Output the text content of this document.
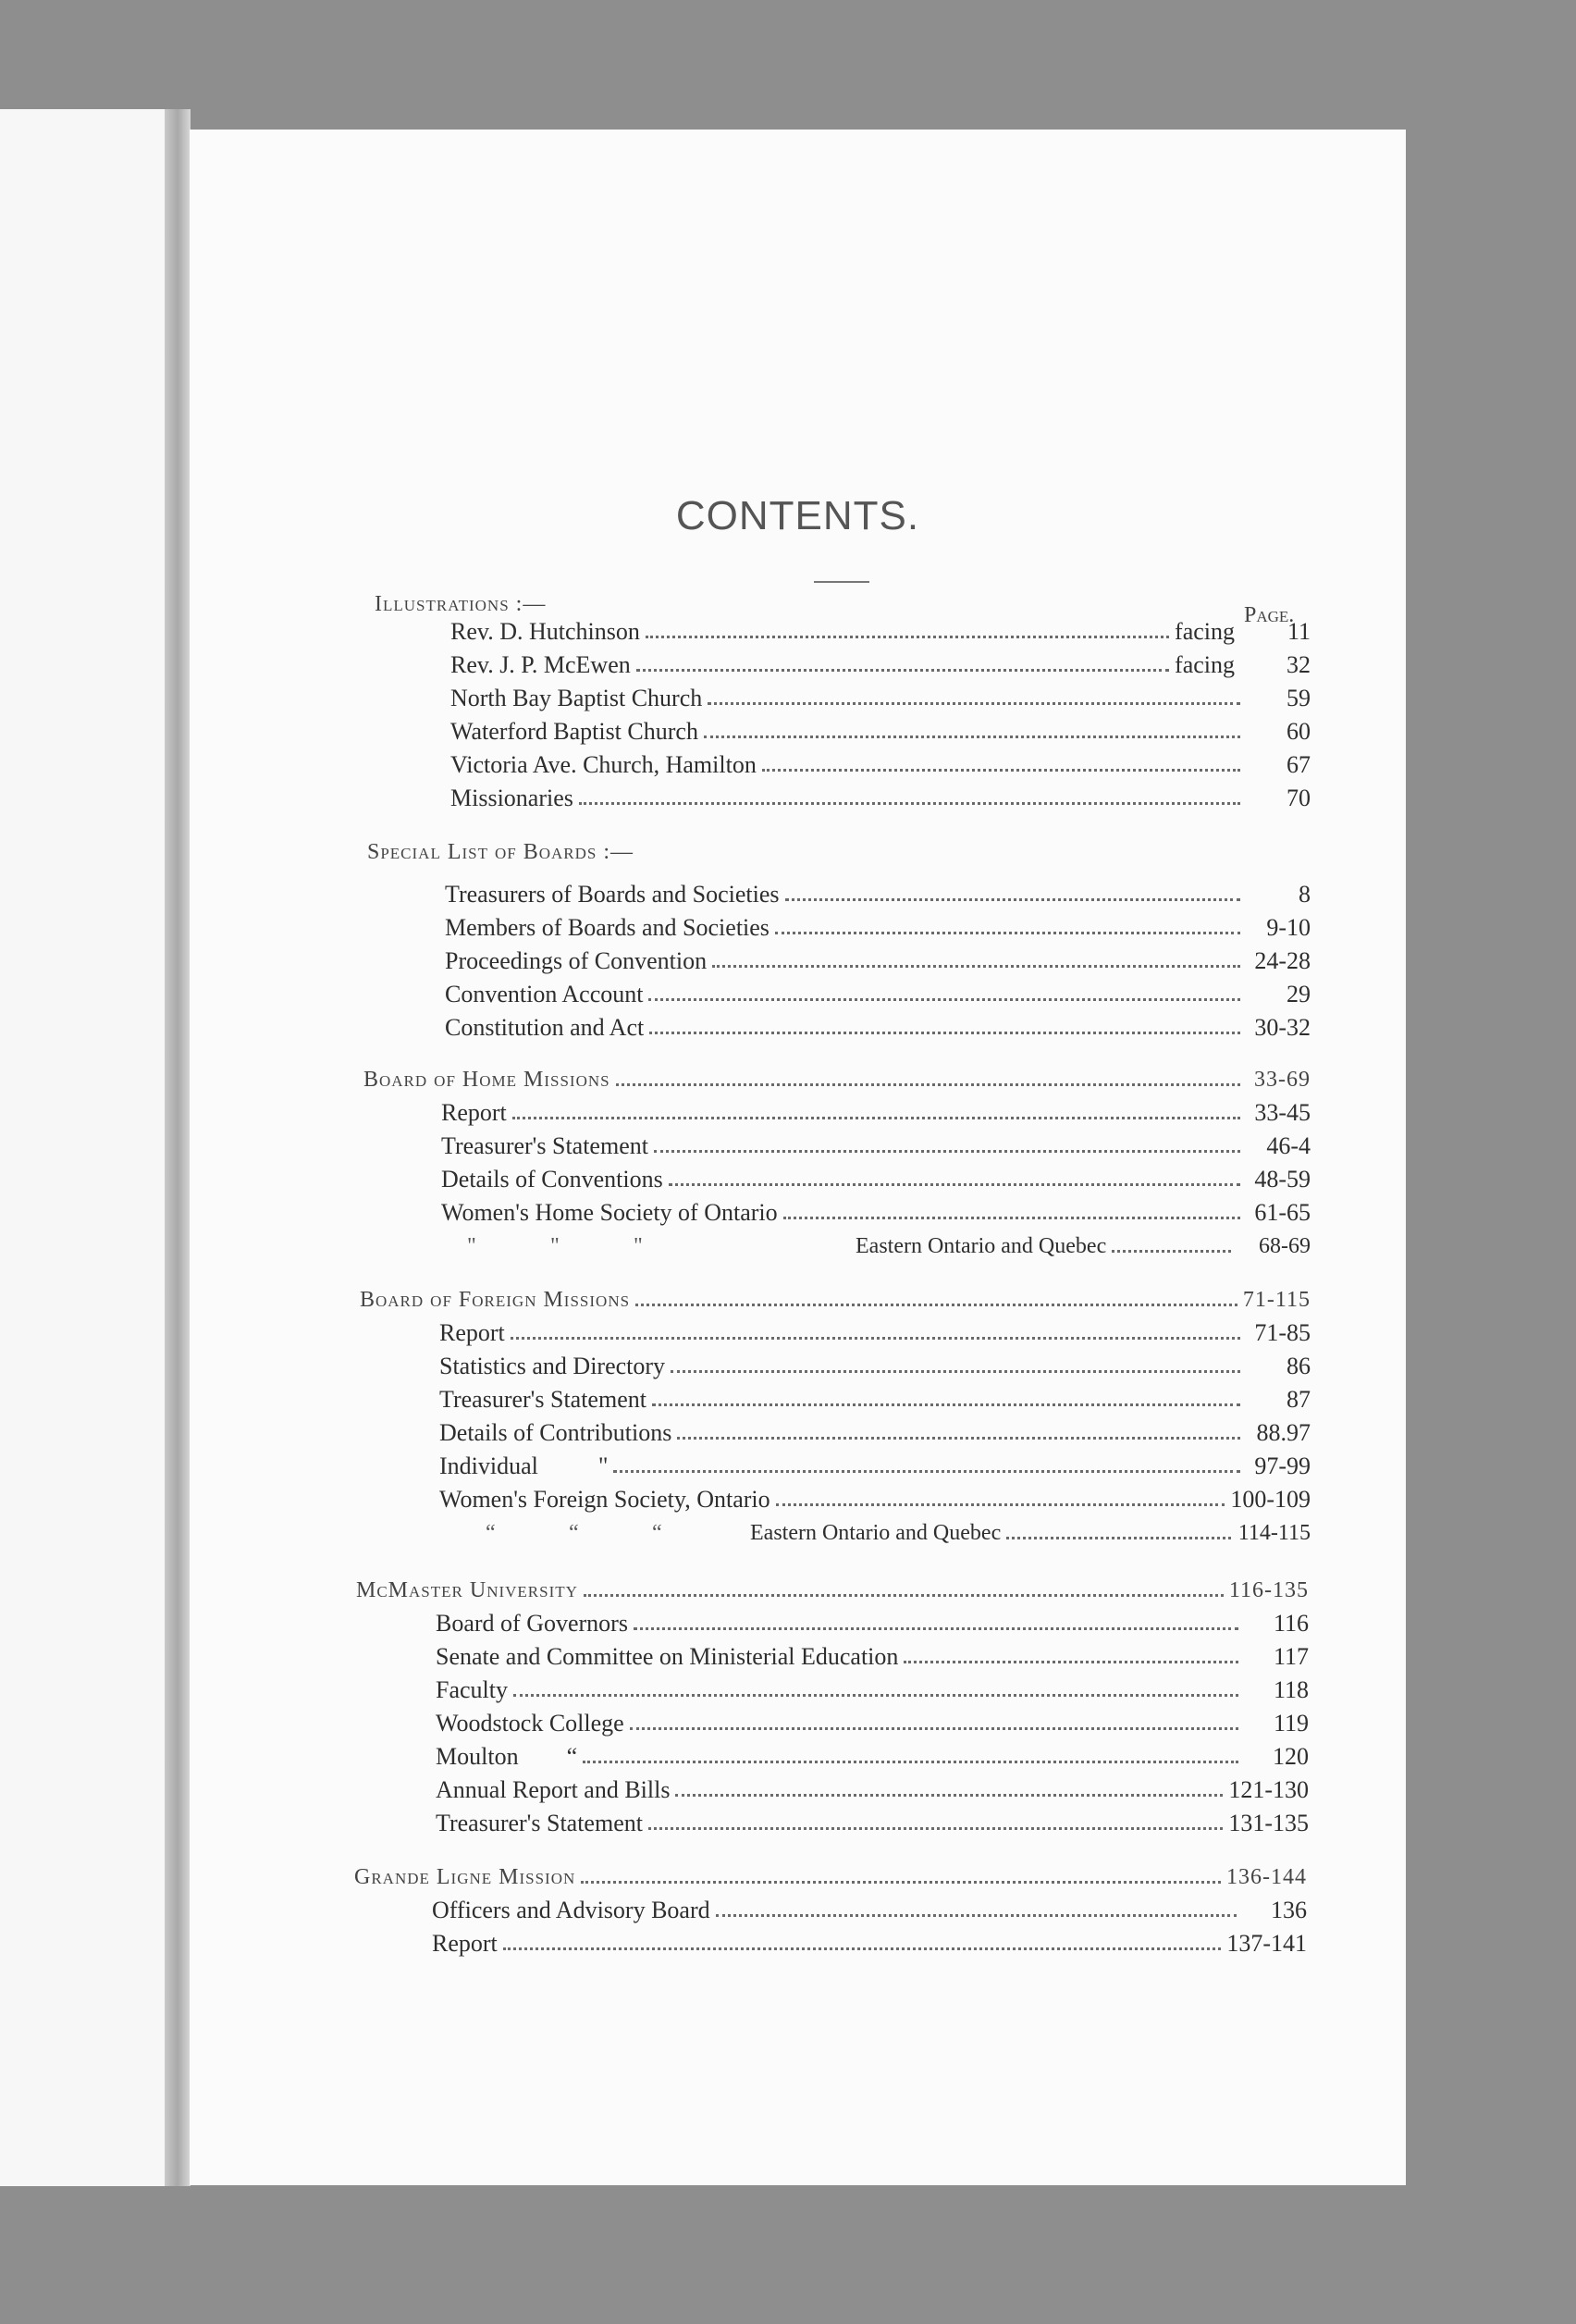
CONTENTS.
Illustrations :—	Page.
Rev. D. Hutchinson	facing	11
Rev. J. P. McEwen	facing	32
North Bay Baptist Church	59
Waterford Baptist Church	60
Victoria Ave. Church, Hamilton	67
Missionaries	70
Special List of Boards :—
Treasurers of Boards and Societies	8
Members of Boards and Societies	9-10
Proceedings of Convention	24-28
Convention Account	29
Constitution and Act	30-32
Board of Home Missions	33-69
Report	33-45
Treasurer's Statement	46-4
Details of Conventions	48-59
Women's Home Society of Ontario	61-65
"	"	"	Eastern Ontario and Quebec	68-69
Board of Foreign Missions	71-115
Report	71-85
Statistics and Directory	86
Treasurer's Statement	87
Details of Contributions	88.97
Individual          "	97-99
Women's Foreign Society, Ontario	100-109
“	“	“	Eastern Ontario and Quebec	114-115
McMaster University	116-135
Board of Governors	116
Senate and Committee on Ministerial Education	117
Faculty	118
Woodstock College	119
Moulton        “	120
Annual Report and Bills	121-130
Treasurer's Statement	131-135
Grande Ligne Mission	136-144
Officers and Advisory Board	136
Report	137-141
